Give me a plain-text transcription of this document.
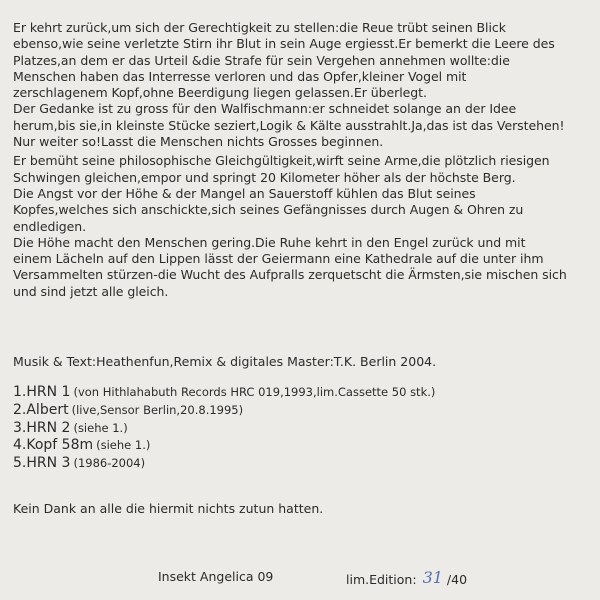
Er kehrt zurück,um sich der Gerechtigkeit zu stellen:die Reue trübt seinen Blick
ebenso,wie seine verletzte Stirn ihr Blut in sein Auge ergiesst.Er bemerkt die Leere des
Platzes,an dem er das Urteil &die Strafe für sein Vergehen annehmen wollte:die
Menschen haben das Interresse verloren und das Opfer,kleiner Vogel mit
zerschlagenem Kopf,ohne Beerdigung liegen gelassen.Er überlegt.
Der Gedanke ist zu gross für den Walfischmann:er schneidet solange an der Idee
herum,bis sie,in kleinste Stücke seziert,Logik & Kälte ausstrahlt.Ja,das ist das Verstehen!
Nur weiter so!Lasst die Menschen nichts Grosses beginnen.
Er bemüht seine philosophische Gleichgültigkeit,wirft seine Arme,die plötzlich riesigen
Schwingen gleichen,empor und springt 20 Kilometer höher als der höchste Berg.
Die Angst vor der Höhe & der Mangel an Sauerstoff kühlen das Blut seines
Kopfes,welches sich anschickte,sich seines Gefängnisses durch Augen & Ohren zu
endledigen.
Die Höhe macht den Menschen gering.Die Ruhe kehrt in den Engel zurück und mit
einem Lächeln auf den Lippen lässt der Geiermann eine Kathedrale auf die unter ihm
Versammelten stürzen-die Wucht des Aufpralls zerquetscht die Ärmsten,sie mischen sich
und sind jetzt alle gleich.
Musik & Text:Heathenfun,Remix & digitales Master:T.K. Berlin 2004.
1.HRN 1 (von Hithlahabuth Records HRC 019,1993,lim.Cassette 50 stk.)
2.Albert (live,Sensor Berlin,20.8.1995)
3.HRN 2 (siehe 1.)
4.Kopf 58m (siehe 1.)
5.HRN 3 (1986-2004)
Kein Dank an alle die hiermit nichts zutun hatten.
Insekt Angelica 09	lim.Edition: 31 /40
